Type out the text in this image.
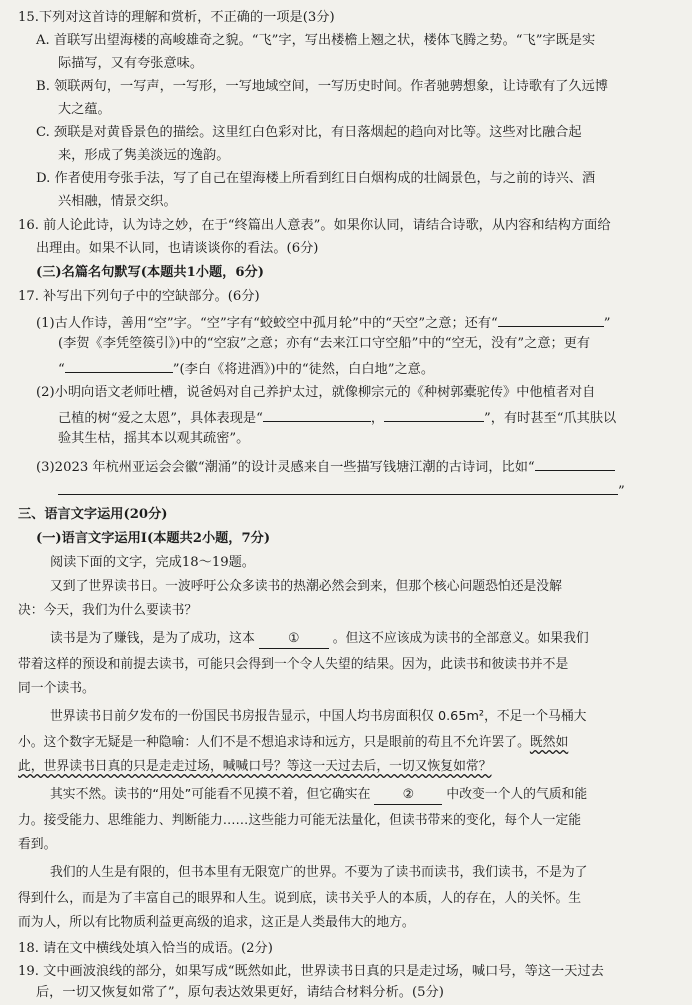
15.下列对这首诗的理解和赏析，不正确的一项是(3分)
A. 首联写出望海楼的高峻雄奇之貌。“飞”字，写出楼檐上翘之状，楼体飞腾之势。“飞”字既是实
际描写，又有夸张意味。
B. 领联两句，一写声，一写形，一写地域空间，一写历史时间。作者驰骋想象，让诗歌有了久远博
大之蕴。
C. 颈联是对黄昏景色的描绘。这里红白色彩对比，有日落烟起的趋向对比等。这些对比融合起
来，形成了隽美淡远的逸韵。
D. 作者使用夸张手法，写了自己在望海楼上所看到红日白烟构成的壮阔景色，与之前的诗兴、酒
兴相融，情景交织。
16. 前人论此诗，认为诗之妙，在于“终篇出人意表”。如果你认同，请结合诗歌，从内容和结构方面给
出理由。如果不认同，也请谈谈你的看法。(6分)
(三)名篇名句默写(本题共1小题，6分)
17. 补写出下列句子中的空缺部分。(6分)
(1)古人作诗，善用“空”字。“空”字有“蛟蛟空中孤月轮”中的“天空”之意；还有“	”
(李贺《李凭箜篌引》)中的“空寂”之意；亦有“去来江口守空船”中的“空无，没有”之意；更有
“	”(李白《将进酒》)中的“徒然，白白地”之意。
(2)小明向语文老师吐槽，说爸妈对自己养护太过，就像柳宗元的《种树郭橐驼传》中他植者对自
己植的树“爱之太恩”，具体表现是“	，	”，有时甚至“爪其肤以
验其生枯，摇其本以观其疏密”。
(3)2023 年杭州亚运会会徽“潮涌”的设计灵感来自一些描写钱塘江潮的古诗词，比如“
”
三、语言文字运用(20分)
(一)语言文字运用Ⅰ(本题共2小题，7分)
阅读下面的文字，完成18～19题。
又到了世界读书日。一波呼吁公众多读书的热潮必然会到来，但那个核心问题恐怕还是没解
决：今天，我们为什么要读书？
读书是为了赚钱，是为了成功，这本	①	。但这不应该成为读书的全部意义。如果我们
带着这样的预设和前提去读书，可能只会得到一个令人失望的结果。因为，此读书和彼读书并不是
同一个读书。
世界读书日前夕发布的一份国民书房报告显示，中国人均书房面积仅 0.65m²，不足一个马桶大
小。这个数字无疑是一种隐喻：人们不是不想追求诗和远方，只是眼前的苟且不允许罢了。既然如
此，世界读书日真的只是走走过场，喊喊口号？等这一天过去后，一切又恢复如常？
其实不然。读书的“用处”可能看不见摸不着，但它确实在	②	中改变一个人的气质和能
力。接受能力、思维能力、判断能力……这些能力可能无法量化，但读书带来的变化，每个人一定能
看到。
我们的人生是有限的，但书本里有无限宽广的世界。不要为了读书而读书，我们读书，不是为了
得到什么，而是为了丰富自己的眼界和人生。说到底，读书关乎人的本质，人的存在，人的关怀。生
而为人，所以有比物质利益更高级的追求，这正是人类最伟大的地方。
18. 请在文中横线处填入恰当的成语。(2分)
19. 文中画波浪线的部分，如果写成“既然如此，世界读书日真的只是走过场，喊口号，等这一天过去
后，一切又恢复如常了”，原句表达效果更好，请结合材料分析。(5分)
